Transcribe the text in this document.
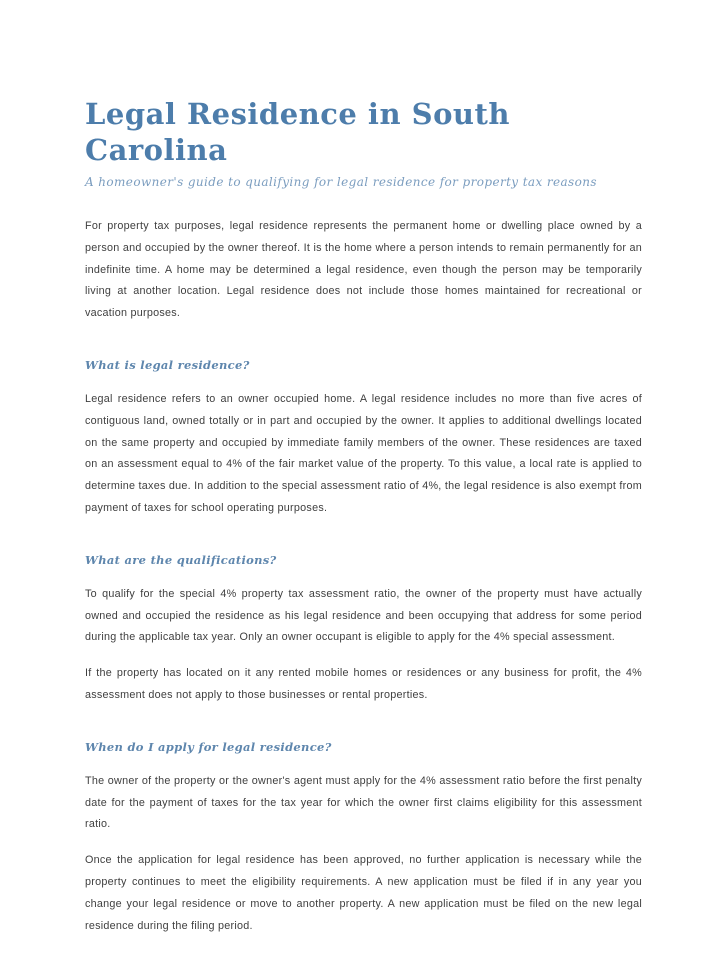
Legal Residence in South Carolina
A homeowner's guide to qualifying for legal residence for property tax reasons

For property tax purposes, legal residence represents the permanent home or dwelling place owned by a person and occupied by the owner thereof. It is the home where a person intends to remain permanently for an indefinite time. A home may be determined a legal residence, even though the person may be temporarily living at another location. Legal residence does not include those homes maintained for recreational or vacation purposes.

What is legal residence?

Legal residence refers to an owner occupied home. A legal residence includes no more than five acres of contiguous land, owned totally or in part and occupied by the owner. It applies to additional dwellings located on the same property and occupied by immediate family members of the owner. These residences are taxed on an assessment equal to 4% of the fair market value of the property. To this value, a local rate is applied to determine taxes due. In addition to the special assessment ratio of 4%, the legal residence is also exempt from payment of taxes for school operating purposes.

What are the qualifications?

To qualify for the special 4% property tax assessment ratio, the owner of the property must have actually owned and occupied the residence as his legal residence and been occupying that address for some period during the applicable tax year. Only an owner occupant is eligible to apply for the 4% special assessment.

If the property has located on it any rented mobile homes or residences or any business for profit, the 4% assessment does not apply to those businesses or rental properties.

When do I apply for legal residence?

The owner of the property or the owner's agent must apply for the 4% assessment ratio before the first penalty date for the payment of taxes for the tax year for which the owner first claims eligibility for this assessment ratio.

Once the application for legal residence has been approved, no further application is necessary while the property continues to meet the eligibility requirements. A new application must be filed if in any year you change your legal residence or move to another property. A new application must be filed on the new legal residence during the filing period.
